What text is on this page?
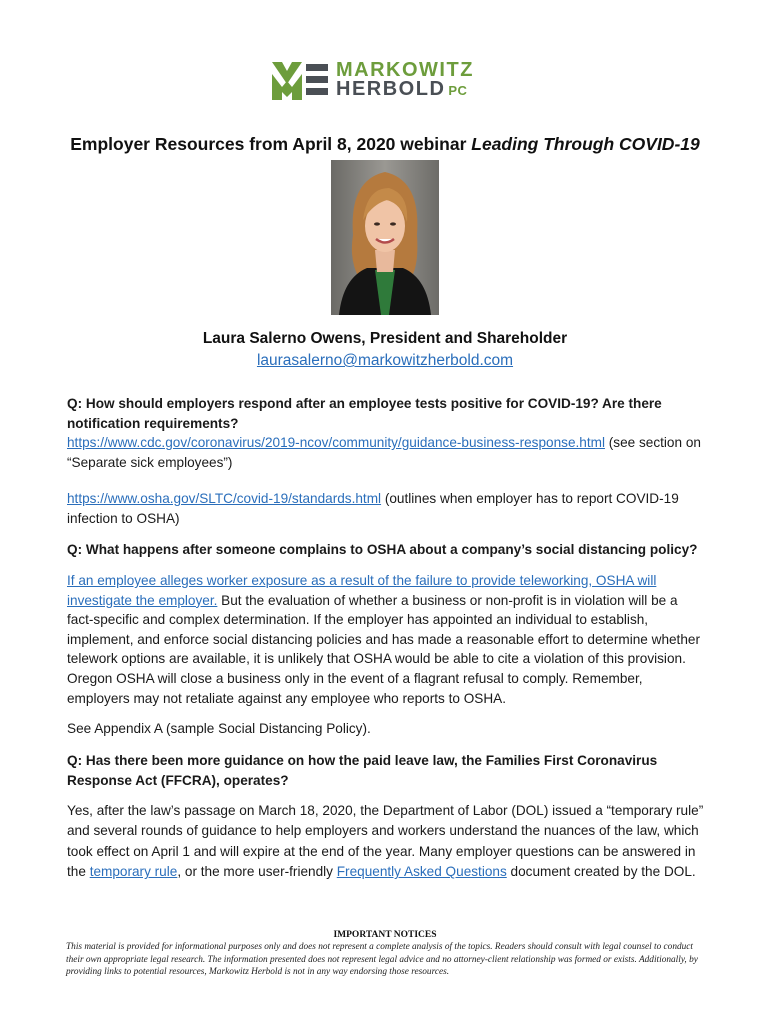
MARKOWITZ
HERBOLD PC
Employer Resources from April 8, 2020 webinar Leading Through COVID-19
Laura Salerno Owens, President and Shareholder
laurasalerno@markowitzherbold.com
Q: How should employers respond after an employee tests positive for COVID-19? Are there notification requirements?
https://www.cdc.gov/coronavirus/2019-ncov/community/guidance-business-response.html (see section on “Separate sick employees”)
https://www.osha.gov/SLTC/covid-19/standards.html (outlines when employer has to report COVID-19 infection to OSHA)
Q: What happens after someone complains to OSHA about a company’s social distancing policy?
If an employee alleges worker exposure as a result of the failure to provide teleworking, OSHA will investigate the employer. But the evaluation of whether a business or non-profit is in violation will be a fact-specific and complex determination. If the employer has appointed an individual to establish, implement, and enforce social distancing policies and has made a reasonable effort to determine whether telework options are available, it is unlikely that OSHA would be able to cite a violation of this provision. Oregon OSHA will close a business only in the event of a flagrant refusal to comply. Remember, employers may not retaliate against any employee who reports to OSHA.
See Appendix A (sample Social Distancing Policy).
Q: Has there been more guidance on how the paid leave law, the Families First Coronavirus Response Act (FFCRA), operates?
Yes, after the law’s passage on March 18, 2020, the Department of Labor (DOL) issued a “temporary rule” and several rounds of guidance to help employers and workers understand the nuances of the law, which took effect on April 1 and will expire at the end of the year. Many employer questions can be answered in the temporary rule, or the more user-friendly Frequently Asked Questions document created by the DOL.
IMPORTANT NOTICES
This material is provided for informational purposes only and does not represent a complete analysis of the topics. Readers should consult with legal counsel to conduct their own appropriate legal research. The information presented does not represent legal advice and no attorney-client relationship was formed or exists. Additionally, by providing links to potential resources, Markowitz Herbold is not in any way endorsing those resources.
